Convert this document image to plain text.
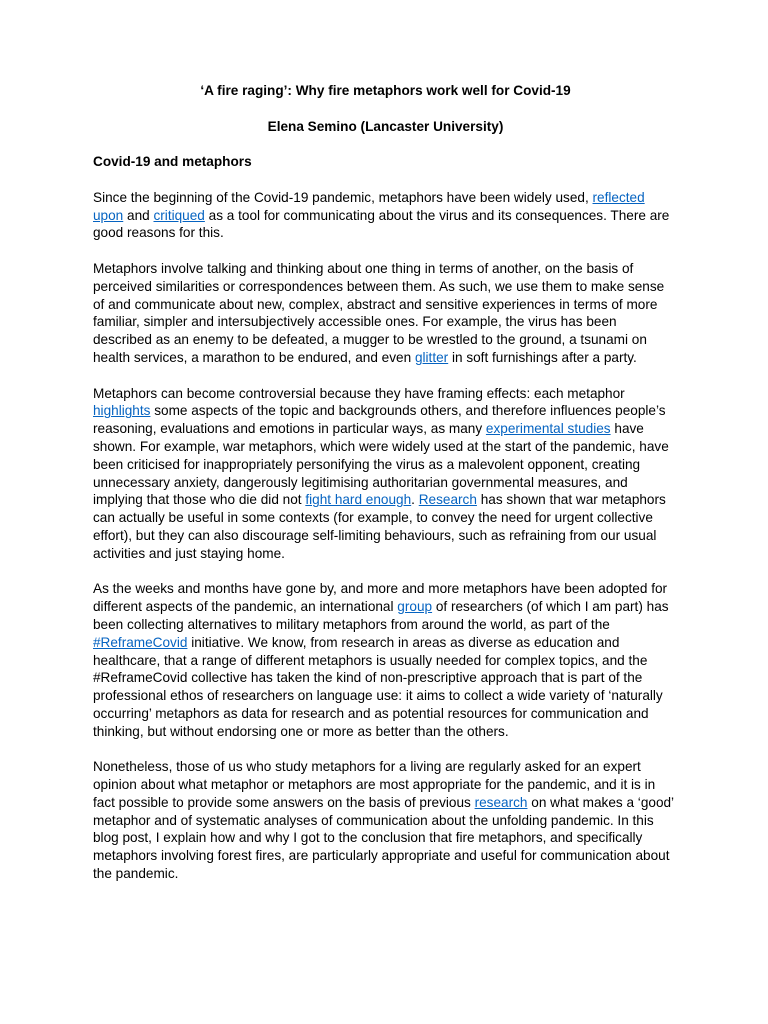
‘A fire raging’: Why fire metaphors work well for Covid-19

Elena Semino (Lancaster University)

Covid-19 and metaphors

Since the beginning of the Covid-19 pandemic, metaphors have been widely used, reflected upon and critiqued as a tool for communicating about the virus and its consequences. There are good reasons for this.

Metaphors involve talking and thinking about one thing in terms of another, on the basis of perceived similarities or correspondences between them. As such, we use them to make sense of and communicate about new, complex, abstract and sensitive experiences in terms of more familiar, simpler and intersubjectively accessible ones. For example, the virus has been described as an enemy to be defeated, a mugger to be wrestled to the ground, a tsunami on health services, a marathon to be endured, and even glitter in soft furnishings after a party.

Metaphors can become controversial because they have framing effects: each metaphor highlights some aspects of the topic and backgrounds others, and therefore influences people’s reasoning, evaluations and emotions in particular ways, as many experimental studies have shown. For example, war metaphors, which were widely used at the start of the pandemic, have been criticised for inappropriately personifying the virus as a malevolent opponent, creating unnecessary anxiety, dangerously legitimising authoritarian governmental measures, and implying that those who die did not fight hard enough. Research has shown that war metaphors can actually be useful in some contexts (for example, to convey the need for urgent collective effort), but they can also discourage self-limiting behaviours, such as refraining from our usual activities and just staying home.

As the weeks and months have gone by, and more and more metaphors have been adopted for different aspects of the pandemic, an international group of researchers (of which I am part) has been collecting alternatives to military metaphors from around the world, as part of the #ReframeCovid initiative. We know, from research in areas as diverse as education and healthcare, that a range of different metaphors is usually needed for complex topics, and the #ReframeCovid collective has taken the kind of non-prescriptive approach that is part of the professional ethos of researchers on language use: it aims to collect a wide variety of ‘naturally occurring’ metaphors as data for research and as potential resources for communication and thinking, but without endorsing one or more as better than the others.

Nonetheless, those of us who study metaphors for a living are regularly asked for an expert opinion about what metaphor or metaphors are most appropriate for the pandemic, and it is in fact possible to provide some answers on the basis of previous research on what makes a ‘good’ metaphor and of systematic analyses of communication about the unfolding pandemic. In this blog post, I explain how and why I got to the conclusion that fire metaphors, and specifically metaphors involving forest fires, are particularly appropriate and useful for communication about the pandemic.
